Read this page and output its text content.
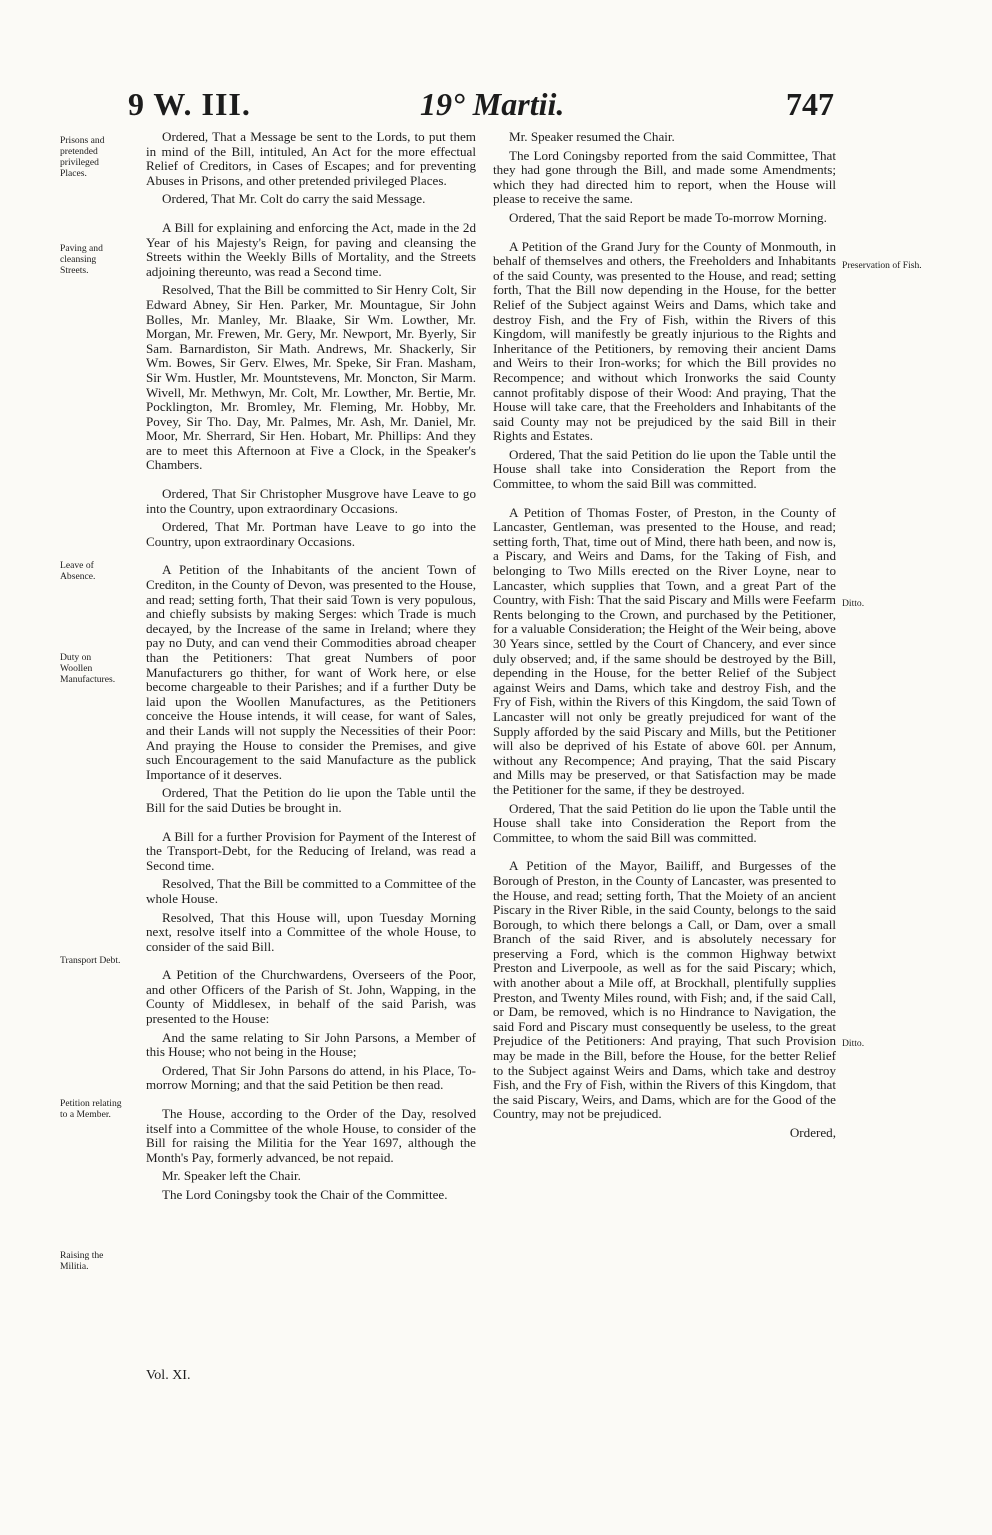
9 W. III.	19° Martii.	747
Prisons and pretended privileged Places.
Paving and cleansing Streets.
Leave of Absence.
Duty on Woollen Manufactures.
Transport Debt.
Petition relating to a Member.
Raising the Militia.
Preservation of Fish.
Ditto.
Ditto.

Ordered, That a Message be sent to the Lords, to put them in mind of the Bill, intituled, An Act for the more effectual Relief of Creditors, in Cases of Escapes; and for preventing Abuses in Prisons, and other pretended privileged Places.

Ordered, That Mr. Colt do carry the said Message.

A Bill for explaining and enforcing the Act, made in the 2d Year of his Majesty's Reign, for paving and cleansing the Streets within the Weekly Bills of Mortality, and the Streets adjoining thereunto, was read a Second time.

Resolved, That the Bill be committed to Sir Henry Colt, Sir Edward Abney, Sir Hen. Parker, Mr. Mountague, Sir John Bolles, Mr. Manley, Mr. Blaake, Sir Wm. Lowther, Mr. Morgan, Mr. Frewen, Mr. Gery, Mr. Newport, Mr. Byerly, Sir Sam. Barnardiston, Sir Math. Andrews, Mr. Shackerly, Sir Wm. Bowes, Sir Gerv. Elwes, Mr. Speke, Sir Fran. Masham, Sir Wm. Hustler, Mr. Mountstevens, Mr. Moncton, Sir Marm. Wivell, Mr. Methwyn, Mr. Colt, Mr. Lowther, Mr. Bertie, Mr. Pocklington, Mr. Bromley, Mr. Fleming, Mr. Hobby, Mr. Povey, Sir Tho. Day, Mr. Palmes, Mr. Ash, Mr. Daniel, Mr. Moor, Mr. Sherrard, Sir Hen. Hobart, Mr. Phillips: And they are to meet this Afternoon at Five a Clock, in the Speaker's Chambers.

Ordered, That Sir Christopher Musgrove have Leave to go into the Country, upon extraordinary Occasions.

Ordered, That Mr. Portman have Leave to go into the Country, upon extraordinary Occasions.

A Petition of the Inhabitants of the ancient Town of Crediton, in the County of Devon, was presented to the House, and read; setting forth, That their said Town is very populous, and chiefly subsists by making Serges: which Trade is much decayed, by the Increase of the same in Ireland; where they pay no Duty, and can vend their Commodities abroad cheaper than the Petitioners: That great Numbers of poor Manufacturers go thither, for want of Work here, or else become chargeable to their Parishes; and if a further Duty be laid upon the Woollen Manufactures, as the Petitioners conceive the House intends, it will cease, for want of Sales, and their Lands will not supply the Necessities of their Poor: And praying the House to consider the Premises, and give such Encouragement to the said Manufacture as the publick Importance of it deserves.

Ordered, That the Petition do lie upon the Table until the Bill for the said Duties be brought in.

A Bill for a further Provision for Payment of the Interest of the Transport-Debt, for the Reducing of Ireland, was read a Second time.

Resolved, That the Bill be committed to a Committee of the whole House.

Resolved, That this House will, upon Tuesday Morning next, resolve itself into a Committee of the whole House, to consider of the said Bill.

A Petition of the Churchwardens, Overseers of the Poor, and other Officers of the Parish of St. John, Wapping, in the County of Middlesex, in behalf of the said Parish, was presented to the House:

And the same relating to Sir John Parsons, a Member of this House; who not being in the House;

Ordered, That Sir John Parsons do attend, in his Place, To-morrow Morning; and that the said Petition be then read.

The House, according to the Order of the Day, resolved itself into a Committee of the whole House, to consider of the Bill for raising the Militia for the Year 1697, although the Month's Pay, formerly advanced, be not repaid.

Mr. Speaker left the Chair.

The Lord Coningsby took the Chair of the Committee.

Mr. Speaker resumed the Chair.

The Lord Coningsby reported from the said Committee, That they had gone through the Bill, and made some Amendments; which they had directed him to report, when the House will please to receive the same.

Ordered, That the said Report be made To-morrow Morning.

A Petition of the Grand Jury for the County of Monmouth, in behalf of themselves and others, the Freeholders and Inhabitants of the said County, was presented to the House, and read; setting forth, That the Bill now depending in the House, for the better Relief of the Subject against Weirs and Dams, which take and destroy Fish, and the Fry of Fish, within the Rivers of this Kingdom, will manifestly be greatly injurious to the Rights and Inheritance of the Petitioners, by removing their ancient Dams and Weirs to their Iron-works; for which the Bill provides no Recompence; and without which Ironworks the said County cannot profitably dispose of their Wood: And praying, That the House will take care, that the Freeholders and Inhabitants of the said County may not be prejudiced by the said Bill in their Rights and Estates.

Ordered, That the said Petition do lie upon the Table until the House shall take into Consideration the Report from the Committee, to whom the said Bill was committed.

A Petition of Thomas Foster, of Preston, in the County of Lancaster, Gentleman, was presented to the House, and read; setting forth, That, time out of Mind, there hath been, and now is, a Piscary, and Weirs and Dams, for the Taking of Fish, and belonging to Two Mills erected on the River Loyne, near to Lancaster, which supplies that Town, and a great Part of the Country, with Fish: That the said Piscary and Mills were Feefarm Rents belonging to the Crown, and purchased by the Petitioner, for a valuable Consideration; the Height of the Weir being, above 30 Years since, settled by the Court of Chancery, and ever since duly observed; and, if the same should be destroyed by the Bill, depending in the House, for the better Relief of the Subject against Weirs and Dams, which take and destroy Fish, and the Fry of Fish, within the Rivers of this Kingdom, the said Town of Lancaster will not only be greatly prejudiced for want of the Supply afforded by the said Piscary and Mills, but the Petitioner will also be deprived of his Estate of above 60l. per Annum, without any Recompence; And praying, That the said Piscary and Mills may be preserved, or that Satisfaction may be made the Petitioner for the same, if they be destroyed.

Ordered, That the said Petition do lie upon the Table until the House shall take into Consideration the Report from the Committee, to whom the said Bill was committed.

A Petition of the Mayor, Bailiff, and Burgesses of the Borough of Preston, in the County of Lancaster, was presented to the House, and read; setting forth, That the Moiety of an ancient Piscary in the River Rible, in the said County, belongs to the said Borough, to which there belongs a Call, or Dam, over a small Branch of the said River, and is absolutely necessary for preserving a Ford, which is the common Highway betwixt Preston and Liverpoole, as well as for the said Piscary; which, with another about a Mile off, at Brockhall, plentifully supplies Preston, and Twenty Miles round, with Fish; and, if the said Call, or Dam, be removed, which is no Hindrance to Navigation, the said Ford and Piscary must consequently be useless, to the great Prejudice of the Petitioners: And praying, That such Provision may be made in the Bill, before the House, for the better Relief to the Subject against Weirs and Dams, which take and destroy Fish, and the Fry of Fish, within the Rivers of this Kingdom, that the said Piscary, Weirs, and Dams, which are for the Good of the Country, may not be prejudiced.

Ordered,

Vol. XI.
